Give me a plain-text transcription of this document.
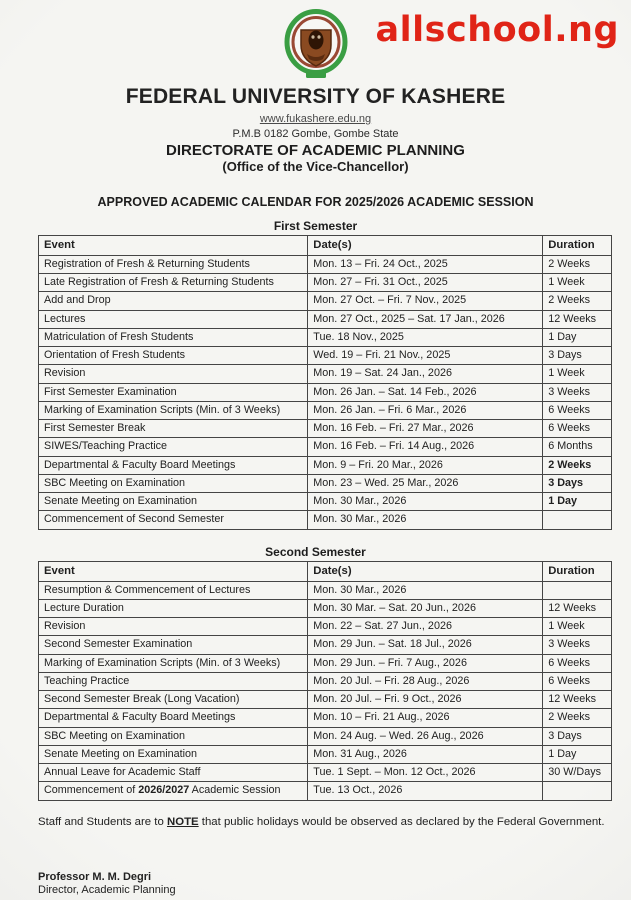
allschool.ng
FEDERAL UNIVERSITY OF KASHERE
www.fukashere.edu.ng
P.M.B 0182 Gombe, Gombe State
DIRECTORATE OF ACADEMIC PLANNING
(Office of the Vice-Chancellor)
APPROVED ACADEMIC CALENDAR FOR 2025/2026 ACADEMIC SESSION
First Semester
Event	Date(s)	Duration
Registration of Fresh & Returning Students	Mon. 13 – Fri. 24 Oct., 2025	2 Weeks
Late Registration of Fresh & Returning Students	Mon. 27 – Fri. 31 Oct., 2025	1 Week
Add and Drop	Mon. 27 Oct. – Fri. 7 Nov., 2025	2 Weeks
Lectures	Mon. 27 Oct., 2025 – Sat. 17 Jan., 2026	12 Weeks
Matriculation of Fresh Students	Tue. 18 Nov., 2025	1 Day
Orientation of Fresh Students	Wed. 19 – Fri. 21 Nov., 2025	3 Days
Revision	Mon. 19 – Sat. 24 Jan., 2026	1 Week
First Semester Examination	Mon. 26 Jan. – Sat. 14 Feb., 2026	3 Weeks
Marking of Examination Scripts (Min. of 3 Weeks)	Mon. 26 Jan. – Fri. 6 Mar., 2026	6 Weeks
First Semester Break	Mon. 16 Feb. – Fri. 27 Mar., 2026	6 Weeks
SIWES/Teaching Practice	Mon. 16 Feb. – Fri. 14 Aug., 2026	6 Months
Departmental & Faculty Board Meetings	Mon. 9 – Fri. 20 Mar., 2026	2 Weeks
SBC Meeting on Examination	Mon. 23 – Wed. 25 Mar., 2026	3 Days
Senate Meeting on Examination	Mon. 30 Mar., 2026	1 Day
Commencement of Second Semester	Mon. 30 Mar., 2026	
Second Semester
Event	Date(s)	Duration
Resumption & Commencement of Lectures	Mon. 30 Mar., 2026	
Lecture Duration	Mon. 30 Mar. – Sat. 20 Jun., 2026	12 Weeks
Revision	Mon. 22 – Sat. 27 Jun., 2026	1 Week
Second Semester Examination	Mon. 29 Jun. – Sat. 18 Jul., 2026	3 Weeks
Marking of Examination Scripts (Min. of 3 Weeks)	Mon. 29 Jun. – Fri. 7 Aug., 2026	6 Weeks
Teaching Practice	Mon. 20 Jul. – Fri. 28 Aug., 2026	6 Weeks
Second Semester Break (Long Vacation)	Mon. 20 Jul. – Fri. 9 Oct., 2026	12 Weeks
Departmental & Faculty Board Meetings	Mon. 10 – Fri. 21 Aug., 2026	2 Weeks
SBC Meeting on Examination	Mon. 24 Aug. – Wed. 26 Aug., 2026	3 Days
Senate Meeting on Examination	Mon. 31 Aug., 2026	1 Day
Annual Leave for Academic Staff	Tue. 1 Sept. – Mon. 12 Oct., 2026	30 W/Days
Commencement of 2026/2027 Academic Session	Tue. 13 Oct., 2026	

Staff and Students are to NOTE that public holidays would be observed as declared by the Federal Government.

Professor M. M. Degri
Director, Academic Planning
